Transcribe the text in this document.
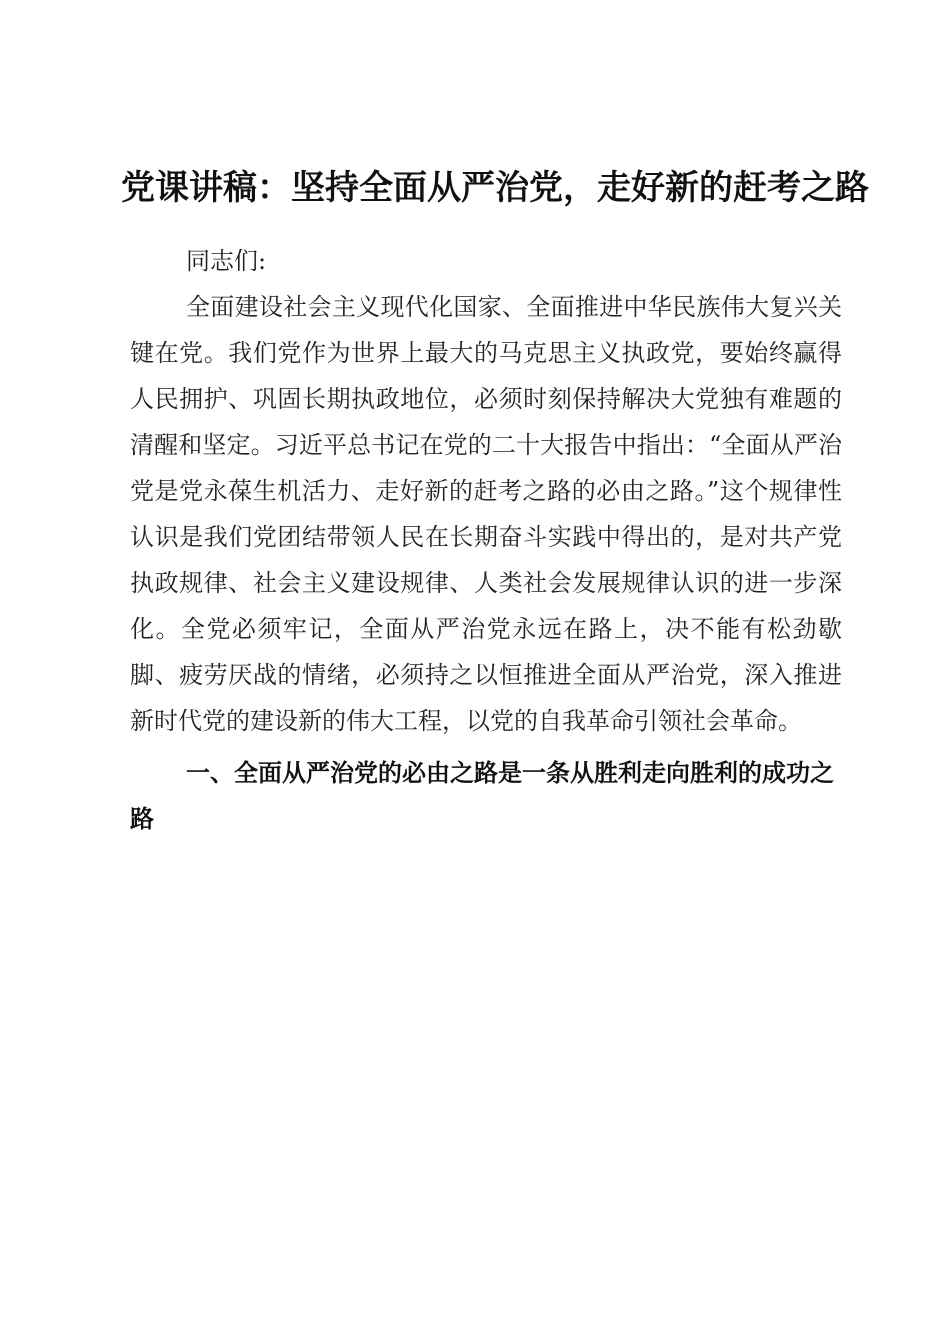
党课讲稿：坚持全面从严治党，走好新的赶考之路

同志们:

全面建设社会主义现代化国家、全面推进中华民族伟大复兴关键在党。我们党作为世界上最大的马克思主义执政党，要始终赢得人民拥护、巩固长期执政地位，必须时刻保持解决大党独有难题的清醒和坚定。习近平总书记在党的二十大报告中指出：“全面从严治党是党永葆生机活力、走好新的赶考之路的必由之路。”这个规律性认识是我们党团结带领人民在长期奋斗实践中得出的，是对共产党执政规律、社会主义建设规律、人类社会发展规律认识的进一步深化。全党必须牢记，全面从严治党永远在路上，决不能有松劲歇脚、疲劳厌战的情绪，必须持之以恒推进全面从严治党，深入推进新时代党的建设新的伟大工程，以党的自我革命引领社会革命。

一、全面从严治党的必由之路是一条从胜利走向胜利的成功之路
